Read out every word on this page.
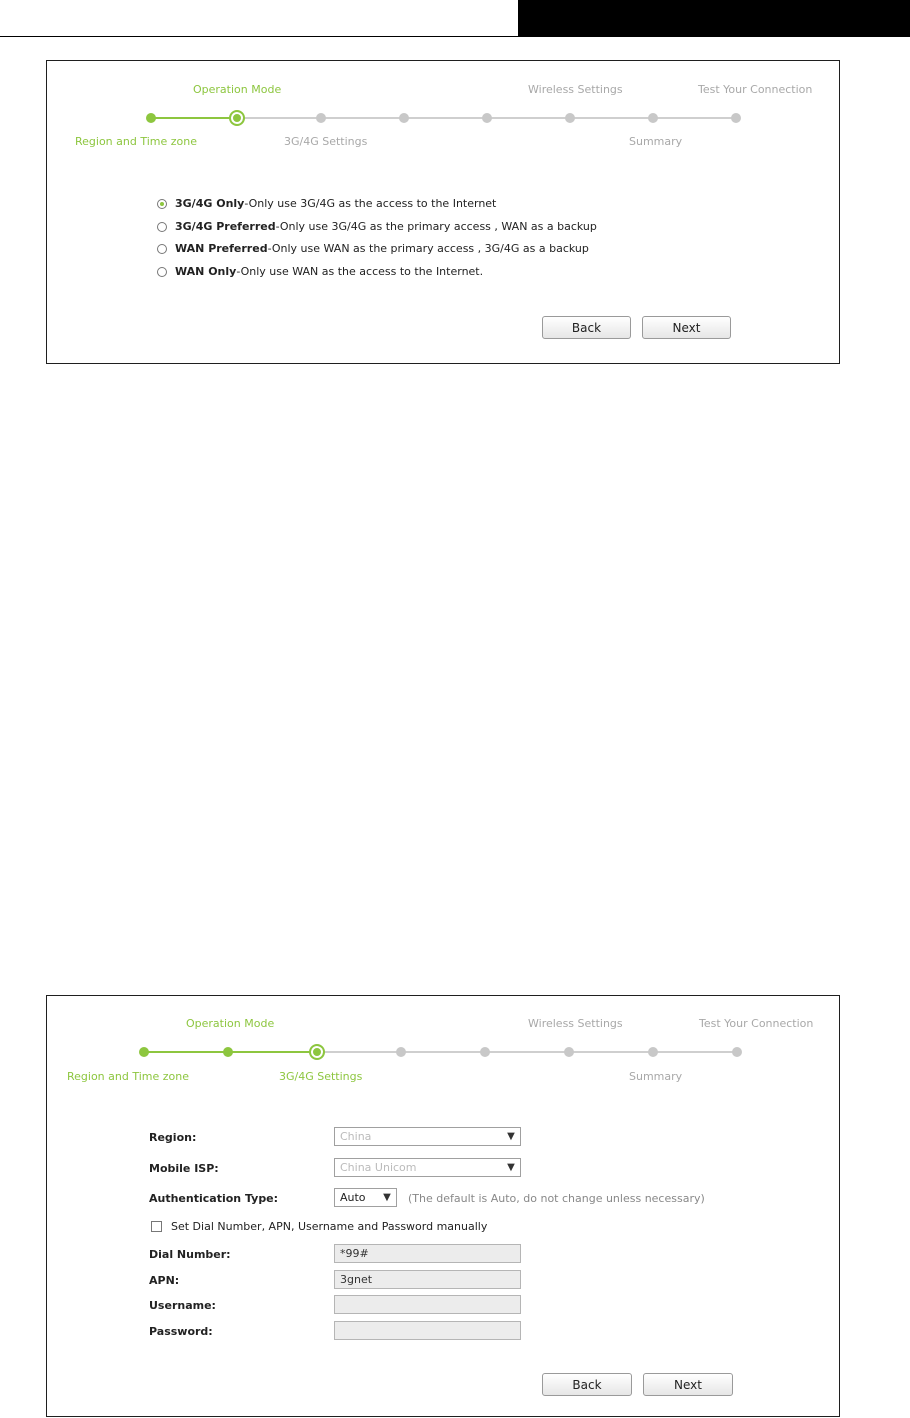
Operation Mode	Wireless Settings	Test Your Connection
Region and Time zone	3G/4G Settings	Summary
3G/4G Only -Only use 3G/4G as the access to the Internet
3G/4G Preferred -Only use 3G/4G as the primary access , WAN as a backup
WAN Preferred -Only use WAN as the primary access , 3G/4G as a backup
WAN Only -Only use WAN as the access to the Internet.
Back	Next
Operation Mode	Wireless Settings	Test Your Connection
Region and Time zone	3G/4G Settings	Summary
Region:	China	▼
Mobile ISP:	China Unicom	▼
Authentication Type:	Auto	▼	(The default is Auto, do not change unless necessary)
Set Dial Number, APN, Username and Password manually
Dial Number:	*99#
APN:	3gnet
Username:
Password:
Back	Next
